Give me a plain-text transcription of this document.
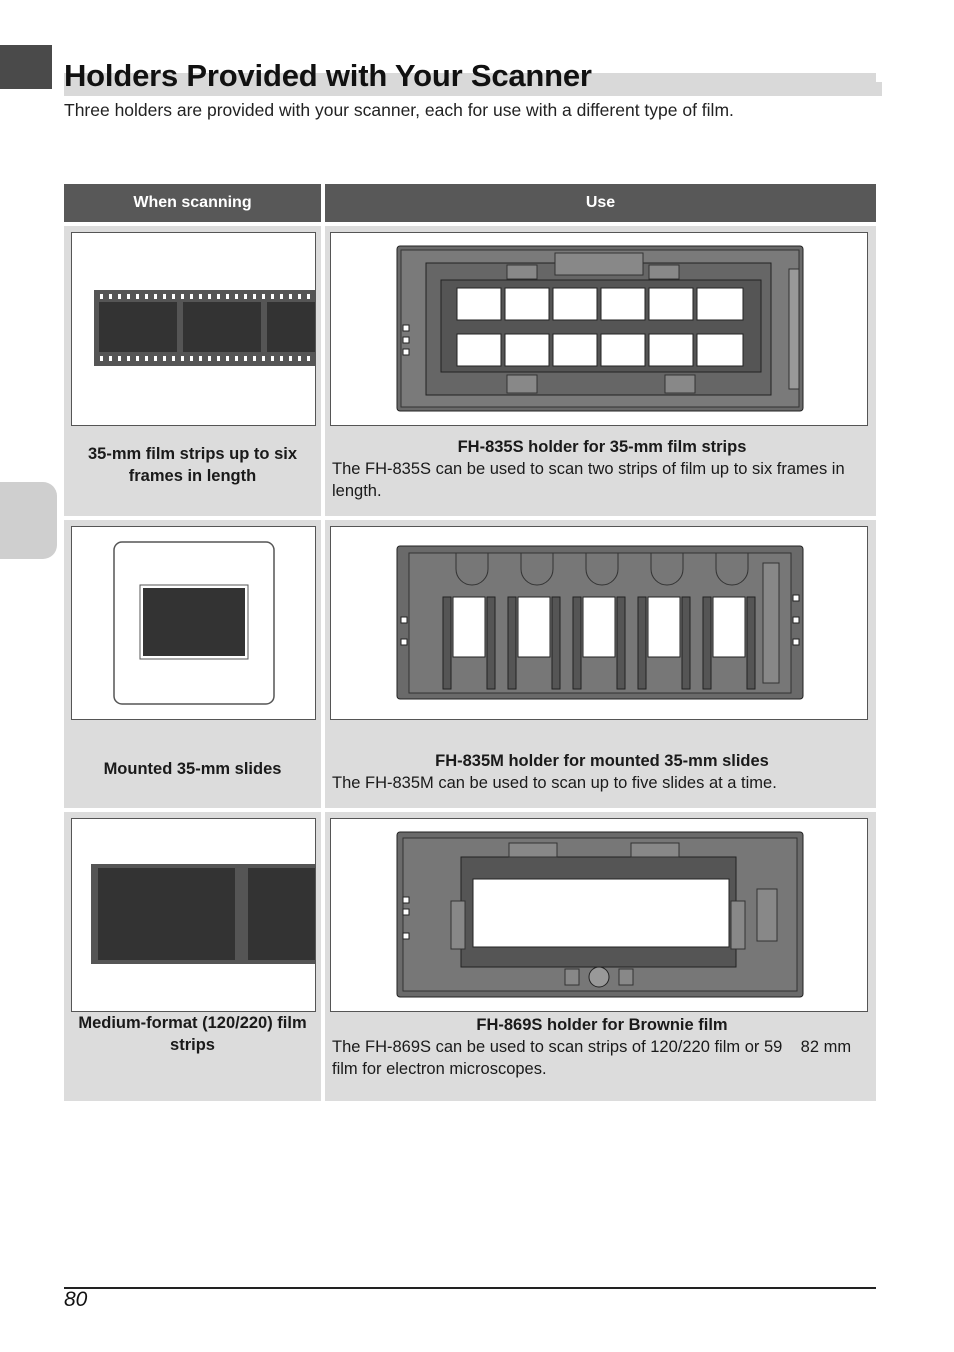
Holders Provided with Your Scanner

Three holders are provided with your scanner, each for use with a different type of film.

When scanning	Use
35-mm film strips up to six frames in length
FH-835S holder for 35-mm film strips
The FH-835S can be used to scan two strips of film up to six frames in length.
Mounted 35-mm slides	FH-835M holder for mounted 35-mm slides
The FH-835M can be used to scan up to five slides at a time.
Medium-format (120/220) film strips
FH-869S holder for Brownie film
The FH-869S can be used to scan strips of 120/220 film or 59    82 mm film for electron microscopes.
80
